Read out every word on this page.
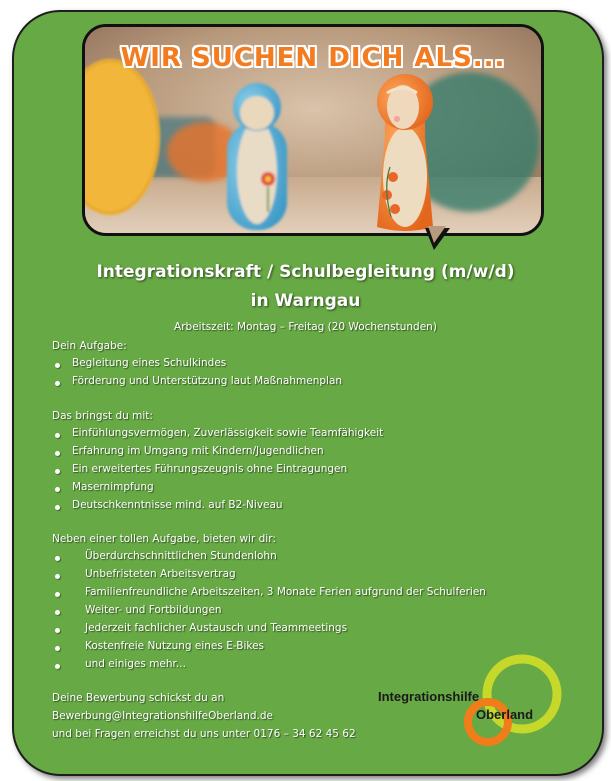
WIR SUCHEN DICH ALS...
Integrationskraft / Schulbegleitung (m/w/d)
in Warngau
Arbeitszeit: Montag – Freitag (20 Wochenstunden)
Dein Aufgabe:
Begleitung eines Schulkindes
Förderung und Unterstützung laut Maßnahmenplan
Das bringst du mit:
Einfühlungsvermögen, Zuverlässigkeit sowie Teamfähigkeit
Erfahrung im Umgang mit Kindern/Jugendlichen
Ein erweitertes Führungszeugnis ohne Eintragungen
Masernimpfung
Deutschkenntnisse mind. auf B2-Niveau
Neben einer tollen Aufgabe, bieten wir dir:
Überdurchschnittlichen Stundenlohn
Unbefristeten Arbeitsvertrag
Familienfreundliche Arbeitszeiten, 3 Monate Ferien aufgrund der Schulferien
Weiter- und Fortbildungen
Jederzeit fachlicher Austausch und Teammeetings
Kostenfreie Nutzung eines E-Bikes
und einiges mehr...
Deine Bewerbung schickst du an
Bewerbung@IntegrationshilfeOberland.de
und bei Fragen erreichst du uns unter 0176 – 34 62 45 62
Integrationshilfe
Oberland
